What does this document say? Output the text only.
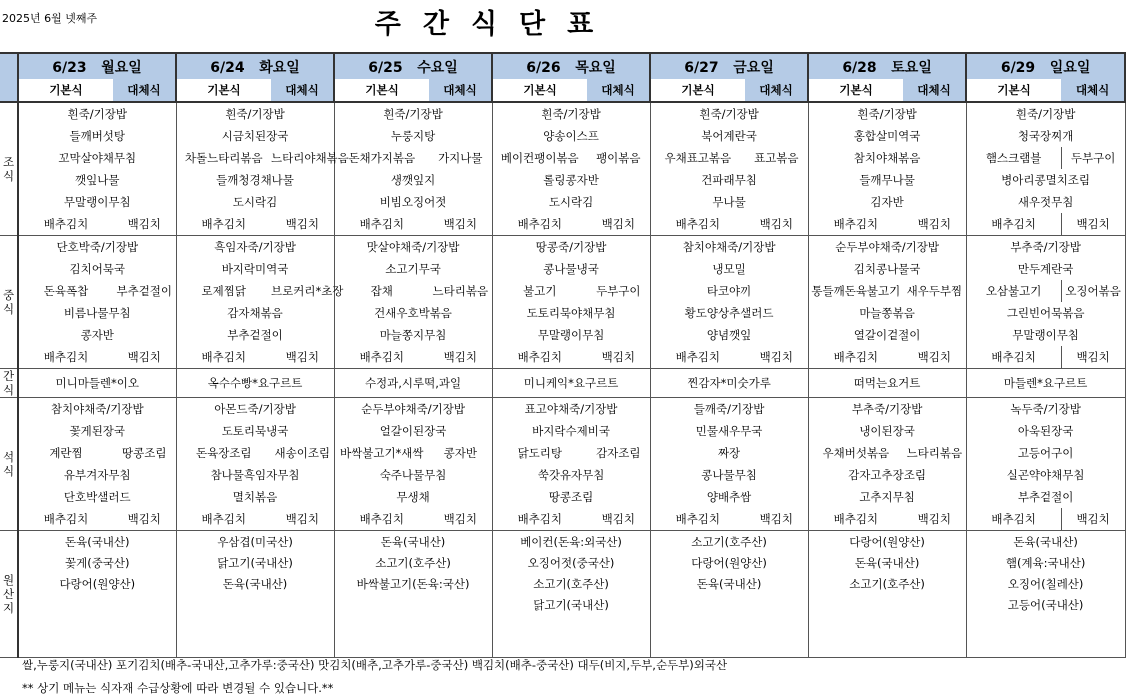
2025년 6월 넷째주	주간식단표
	6/23 월요일		6/24 화요일		6/25 수요일		6/26 목요일		6/27 금요일		6/28 토요일		6/29 일요일	
	기본식	대체식	기본식	대체식	기본식	대체식	기본식	대체식	기본식	대체식	기본식	대체식	기본식	대체식

조
식	흰죽/기장밥		흰죽/기장밥		흰죽/기장밥		흰죽/기장밥		흰죽/기장밥		흰죽/기장밥		흰죽/기장밥	
	들깨버섯탕		시금치된장국		누룽지탕		양송이스프		북어계란국		홍합살미역국		청국장찌개	
	꼬막살야채무침		차돌느타리볶음	느타리야채볶음	돈채가지볶음	가지나물	베이컨팽이볶음	팽이볶음	우채표고볶음	표고볶음	참치야채볶음		햄스크램블	두부구이
	깻잎나물		들깨청경채나물		생깻잎지		롤링콩자반		건파래무침		들깨무나물		병아리콩멸치조림	
	무말랭이무침		도시락김		비빔오징어젓		도시락김		무나물		김자반		새우젓무침	
	배추김치	백김치	배추김치	백김치	배추김치	백김치	배추김치	백김치	배추김치	백김치	배추김치	백김치	배추김치	백김치

중
식	단호박죽/기장밥		흑임자죽/기장밥		맛살야채죽/기장밥		땅콩죽/기장밥		참치야채죽/기장밥		순두부야채죽/기장밥		부추죽/기장밥	
	김치어묵국		바지락미역국		소고기무국		콩나물냉국		냉모밀		김치콩나물국		만두계란국	
	돈육폭찹	부추겉절이	로제찜닭	브로커리*초장	잡채	느타리볶음	불고기	두부구이	타코야끼		통들깨돈육불고기	새우두부찜	오삼불고기	오징어볶음
	비름나물무침		감자채볶음		건새우호박볶음		도토리묵야채무침		황도양상추샐러드		마늘쫑볶음		그린빈어묵볶음	
	콩자반		부추겉절이		마늘쫑지무침		무말랭이무침		양념깻잎		열갈이겉절이		무말랭이무침	
	배추김치	백김치	배추김치	백김치	배추김치	백김치	배추김치	백김치	배추김치	백김치	배추김치	백김치	배추김치	백김치

간
식	미니마들렌*이오		옥수수빵*요구르트		수정과,시루떡,과일		미니케익*요구르트		찐감자*미숫가루		떠먹는요거트		마들렌*요구르트	

석
식	참치야채죽/기장밥		아몬드죽/기장밥		순두부야채죽/기장밥		표고야채죽/기장밥		들깨죽/기장밥		부추죽/기장밥		녹두죽/기장밥	
	꽃게된장국		도토리묵냉국		얼갈이된장국		바지락수제비국		민물새우무국		냉이된장국		아욱된장국	
	계란찜	땅콩조림	돈육장조림	새송이조림	바싹불고기*새싹	콩자반	닭도리탕	감자조림	짜장		우채버섯볶음	느타리볶음	고등어구이	
	유부겨자무침		참나물흑임자무침		숙주나물무침		쑥갓유자무침		콩나물무침		감자고추장조림		실곤약야채무침	
	단호박샐러드		멸치볶음		무생채		땅콩조림		양배추쌈		고추지무침		부추겉절이	
	배추김치	백김치	배추김치	백김치	배추김치	백김치	배추김치	백김치	배추김치	백김치	배추김치	백김치	배추김치	백김치

원
산
지	돈육(국내산)		우삼겹(미국산)		돈육(국내산)		베이컨(돈육:외국산)		소고기(호주산)		다랑어(원양산)		돈육(국내산)	
	꽃게(중국산)		닭고기(국내산)		소고기(호주산)		오징어젓(중국산)		다랑어(원양산)		돈육(국내산)		햄(계육:국내산)	
	다랑어(원양산)		돈육(국내산)		바싹불고기(돈육:국산)		소고기(호주산)		돈육(국내산)		소고기(호주산)		오징어(칠레산)	
							닭고기(국내산)						고등어(국내산)	

쌀,누룽지(국내산) 포기김치(배추-국내산,고추가루:중국산) 맛김치(배추,고추가루-중국산) 백김치(배추-중국산) 대두(비지,두부,순두부)외국산
** 상기 메뉴는 식자재 수급상황에 따라 변경될 수 있습니다.**
